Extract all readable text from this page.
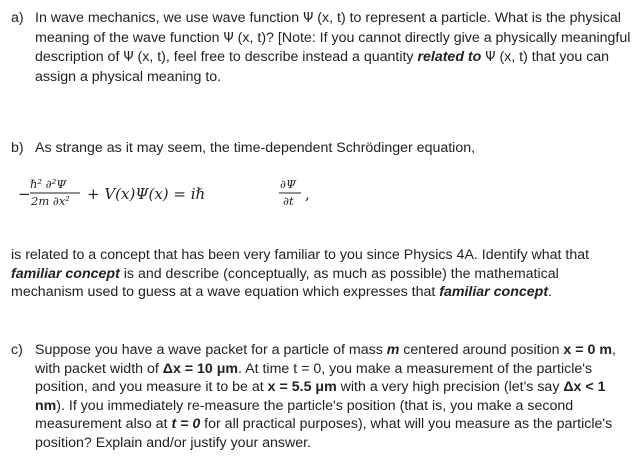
a) In wave mechanics, we use wave function Ψ (x, t) to represent a particle. What is the physical meaning of the wave function Ψ (x, t)? [Note: If you cannot directly give a physically meaningful description of Ψ (x, t), feel free to describe instead a quantity related to Ψ (x, t) that you can assign a physical meaning to.
b) As strange as it may seem, the time-dependent Schrödinger equation,
−
ℏ² ∂²Ψ
2m ∂x² + V(x)Ψ(x) = iℏ
∂Ψ
∂t ,
is related to a concept that has been very familiar to you since Physics 4A. Identify what that familiar concept is and describe (conceptually, as much as possible) the mathematical mechanism used to guess at a wave equation which expresses that familiar concept.
c) Suppose you have a wave packet for a particle of mass m centered around position x = 0 m, with packet width of Δx = 10 μm. At time t = 0, you make a measurement of the particle's position, and you measure it to be at x = 5.5 μm with a very high precision (let's say Δx < 1 nm). If you immediately re-measure the particle's position (that is, you make a second measurement also at t = 0 for all practical purposes), what will you measure as the particle's position? Explain and/or justify your answer.
